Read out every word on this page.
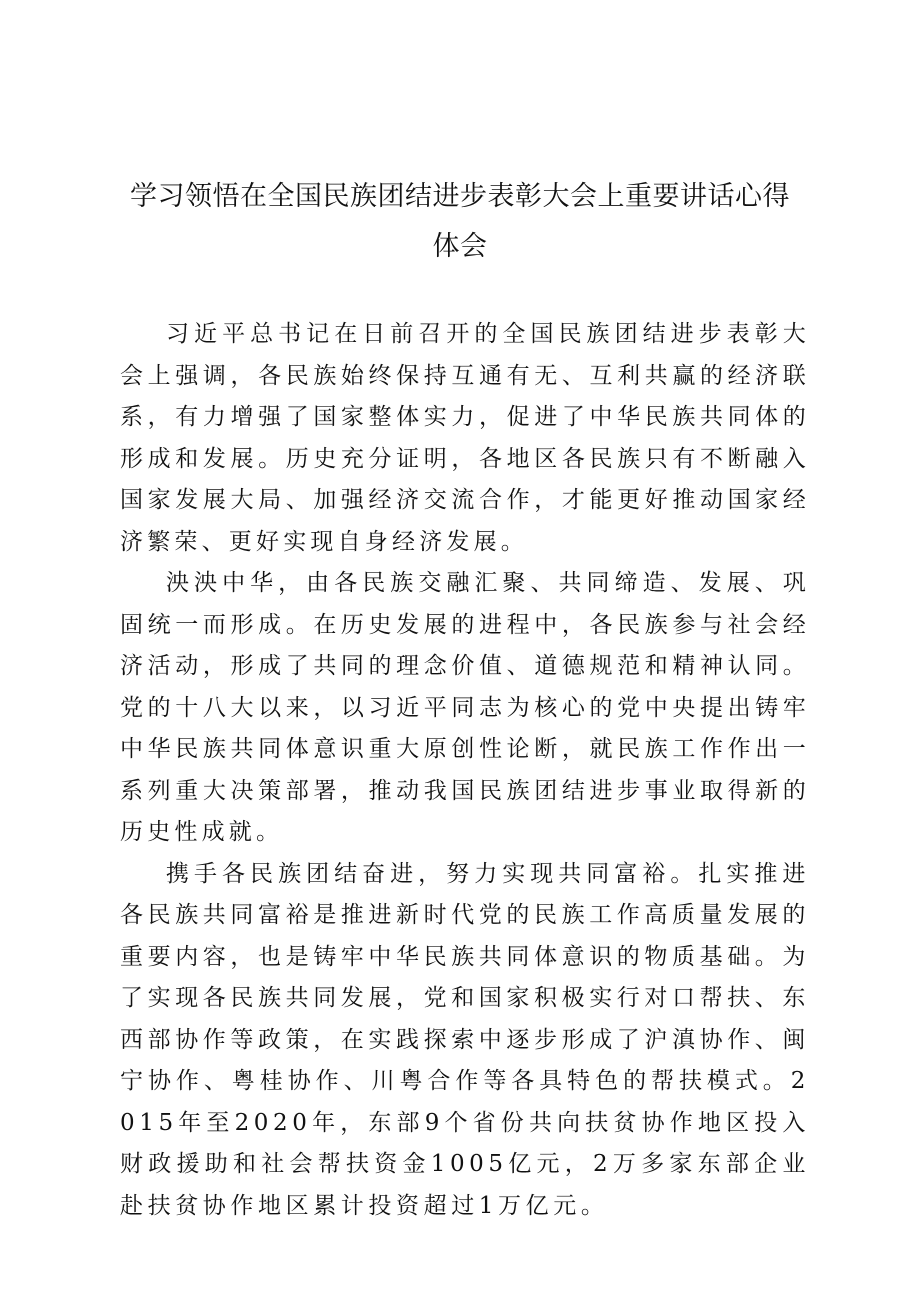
学习领悟在全国民族团结进步表彰大会上重要讲话心得
体会

习近平总书记在日前召开的全国民族团结进步表彰大会上强调，各民族始终保持互通有无、互利共赢的经济联系，有力增强了国家整体实力，促进了中华民族共同体的形成和发展。历史充分证明，各地区各民族只有不断融入国家发展大局、加强经济交流合作，才能更好推动国家经济繁荣、更好实现自身经济发展。

泱泱中华，由各民族交融汇聚、共同缔造、发展、巩固统一而形成。在历史发展的进程中，各民族参与社会经济活动，形成了共同的理念价值、道德规范和精神认同。党的十八大以来，以习近平同志为核心的党中央提出铸牢中华民族共同体意识重大原创性论断，就民族工作作出一系列重大决策部署，推动我国民族团结进步事业取得新的历史性成就。

携手各民族团结奋进，努力实现共同富裕。扎实推进各民族共同富裕是推进新时代党的民族工作高质量发展的重要内容，也是铸牢中华民族共同体意识的物质基础。为了实现各民族共同发展，党和国家积极实行对口帮扶、东西部协作等政策，在实践探索中逐步形成了沪滇协作、闽宁协作、粤桂协作、川粤合作等各具特色的帮扶模式。2015年至2020年，东部9个省份共向扶贫协作地区投入财政援助和社会帮扶资金1005亿元，2万多家东部企业赴扶贫协作地区累计投资超过1万亿元。
